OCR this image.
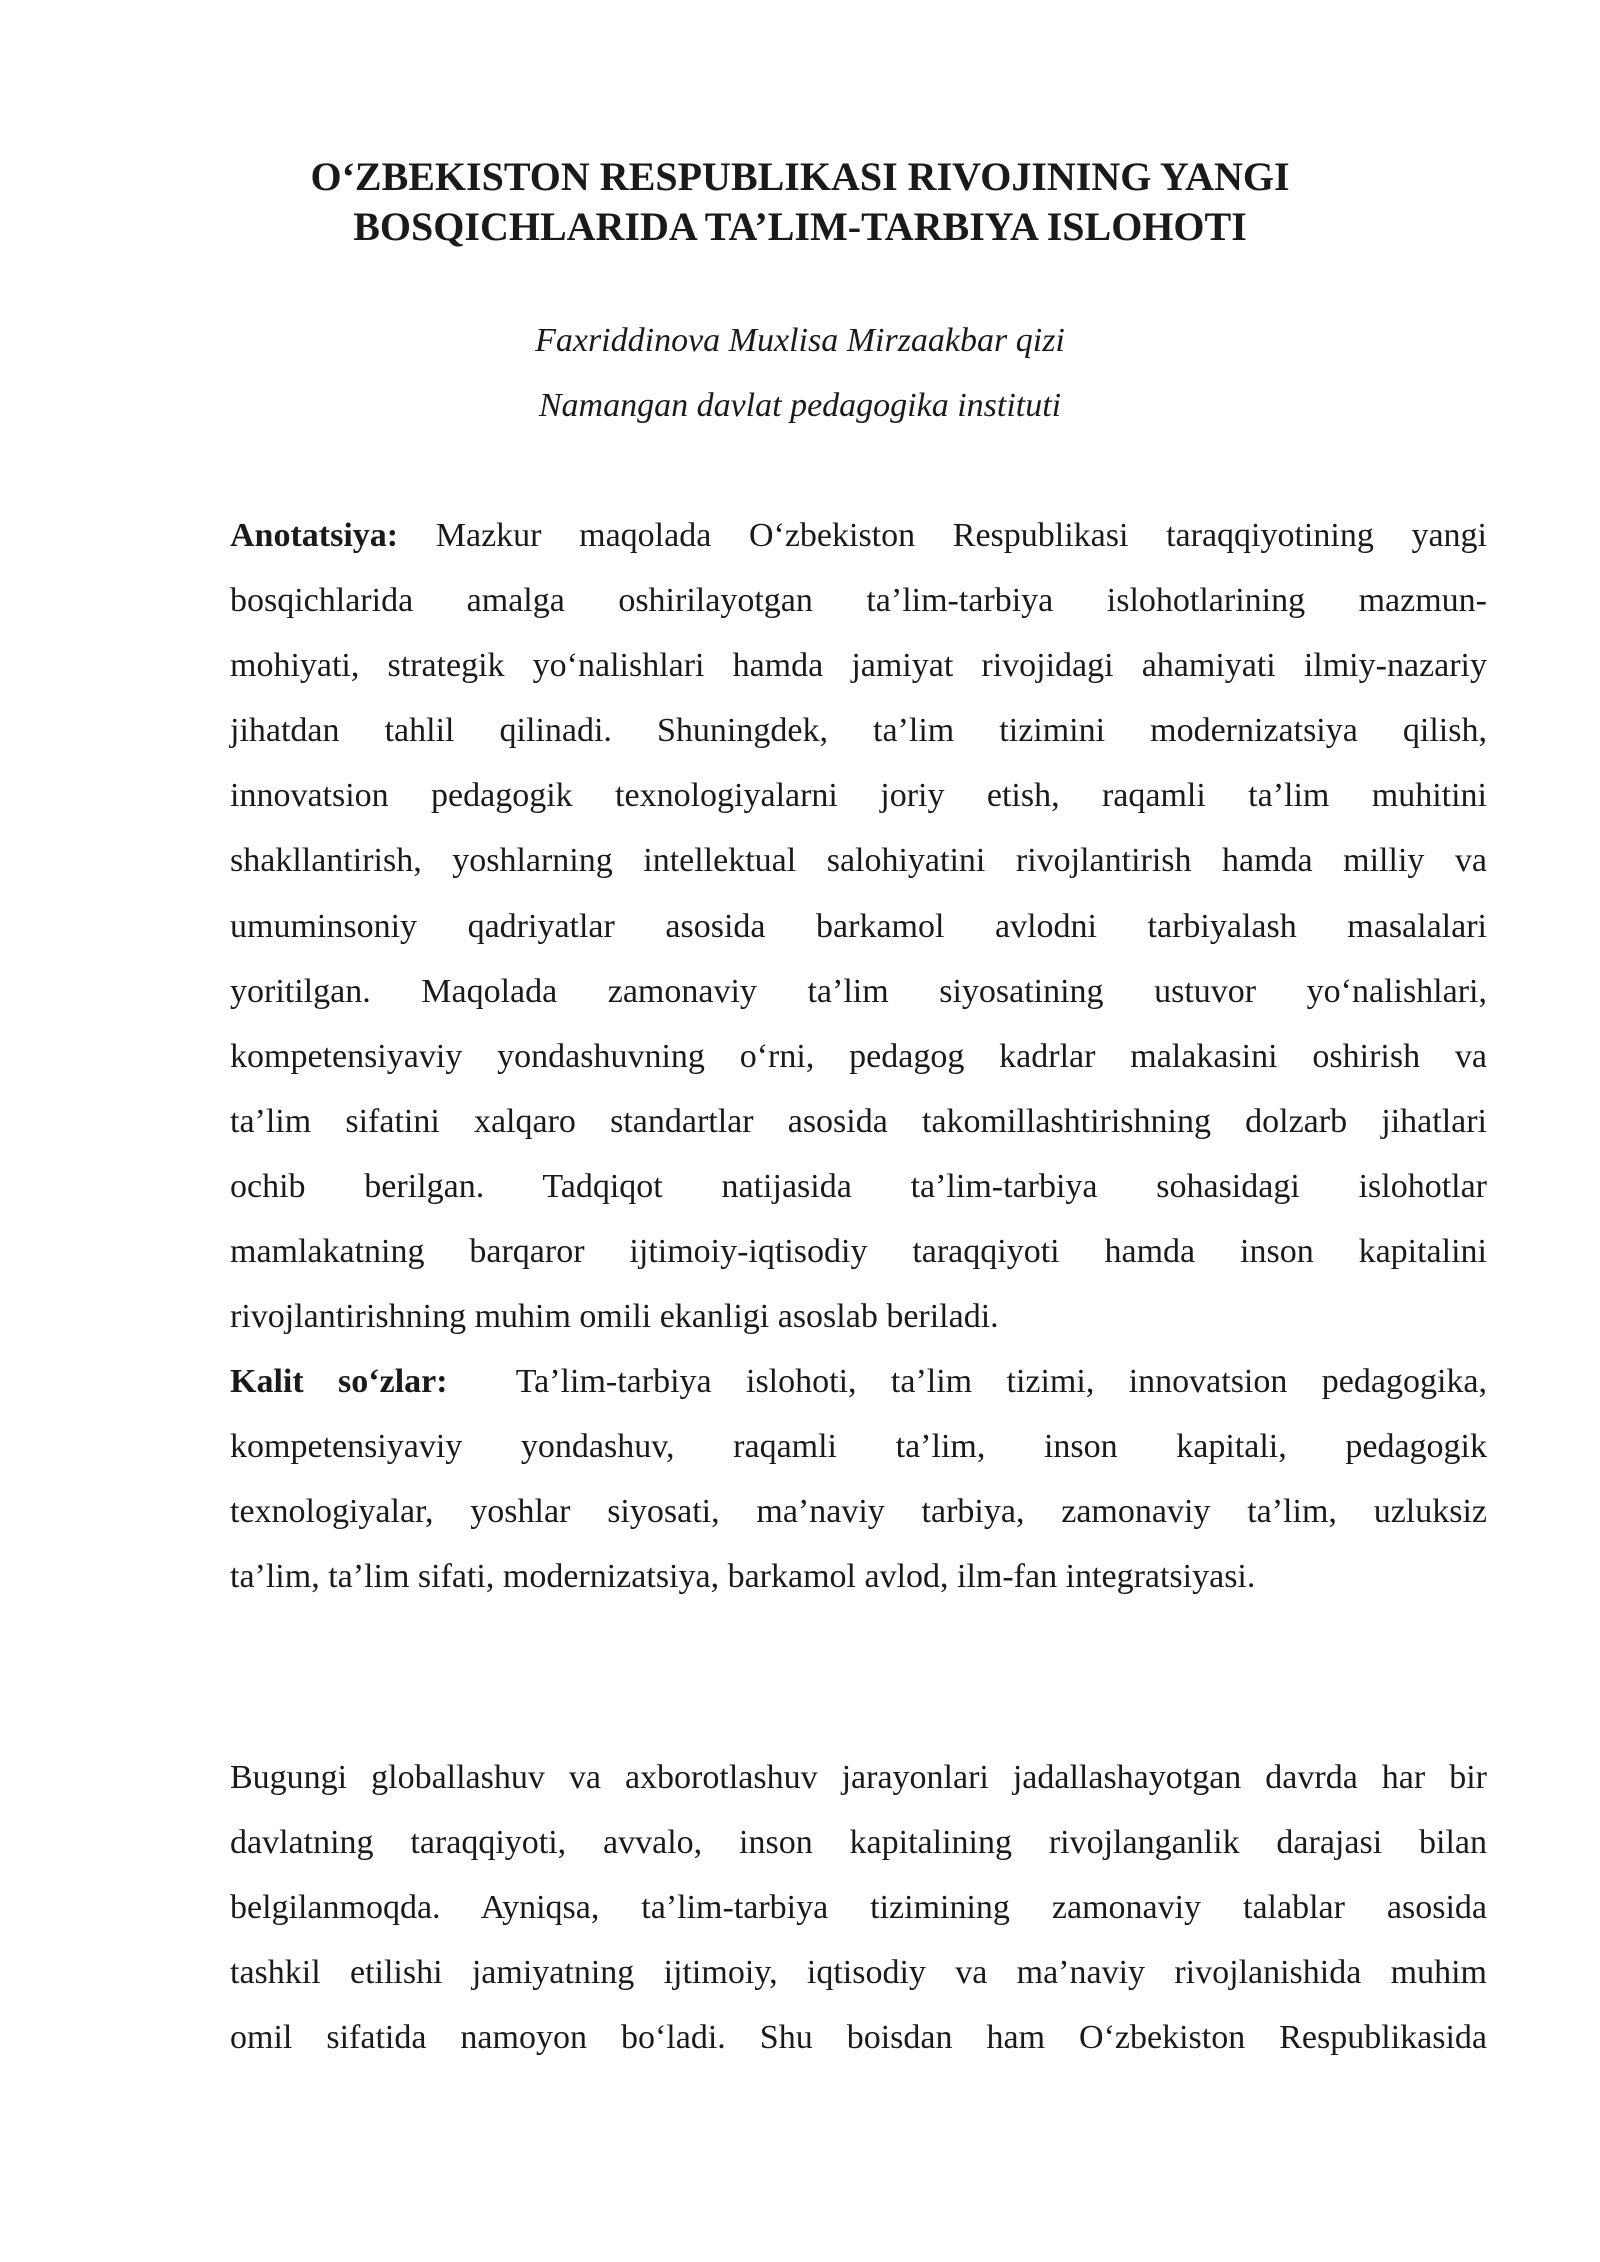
O‘ZBEKISTON RESPUBLIKASI RIVOJINING YANGI
BOSQICHLARIDA TA’LIM-TARBIYA ISLOHOTI

Faxriddinova Muxlisa Mirzaakbar qizi

Namangan davlat pedagogika instituti

Anotatsiya: Mazkur maqolada O‘zbekiston Respublikasi taraqqiyotining yangi
bosqichlarida amalga oshirilayotgan ta’lim-tarbiya islohotlarining mazmun-
mohiyati, strategik yo‘nalishlari hamda jamiyat rivojidagi ahamiyati ilmiy-nazariy
jihatdan tahlil qilinadi. Shuningdek, ta’lim tizimini modernizatsiya qilish,
innovatsion pedagogik texnologiyalarni joriy etish, raqamli ta’lim muhitini
shakllantirish, yoshlarning intellektual salohiyatini rivojlantirish hamda milliy va
umuminsoniy qadriyatlar asosida barkamol avlodni tarbiyalash masalalari
yoritilgan. Maqolada zamonaviy ta’lim siyosatining ustuvor yo‘nalishlari,
kompetensiyaviy yondashuvning o‘rni, pedagog kadrlar malakasini oshirish va
ta’lim sifatini xalqaro standartlar asosida takomillashtirishning dolzarb jihatlari
ochib berilgan. Tadqiqot natijasida ta’lim-tarbiya sohasidagi islohotlar
mamlakatning barqaror ijtimoiy-iqtisodiy taraqqiyoti hamda inson kapitalini
rivojlantirishning muhim omili ekanligi asoslab beriladi.
Kalit so‘zlar:  Ta’lim-tarbiya islohoti, ta’lim tizimi, innovatsion pedagogika,
kompetensiyaviy yondashuv, raqamli ta’lim, inson kapitali, pedagogik
texnologiyalar, yoshlar siyosati, ma’naviy tarbiya, zamonaviy ta’lim, uzluksiz
ta’lim, ta’lim sifati, modernizatsiya, barkamol avlod, ilm-fan integratsiyasi.
Bugungi globallashuv va axborotlashuv jarayonlari jadallashayotgan davrda har bir
davlatning taraqqiyoti, avvalo, inson kapitalining rivojlanganlik darajasi bilan
belgilanmoqda. Ayniqsa, ta’lim-tarbiya tizimining zamonaviy talablar asosida
tashkil etilishi jamiyatning ijtimoiy, iqtisodiy va ma’naviy rivojlanishida muhim
omil sifatida namoyon bo‘ladi. Shu boisdan ham O‘zbekiston Respublikasida
